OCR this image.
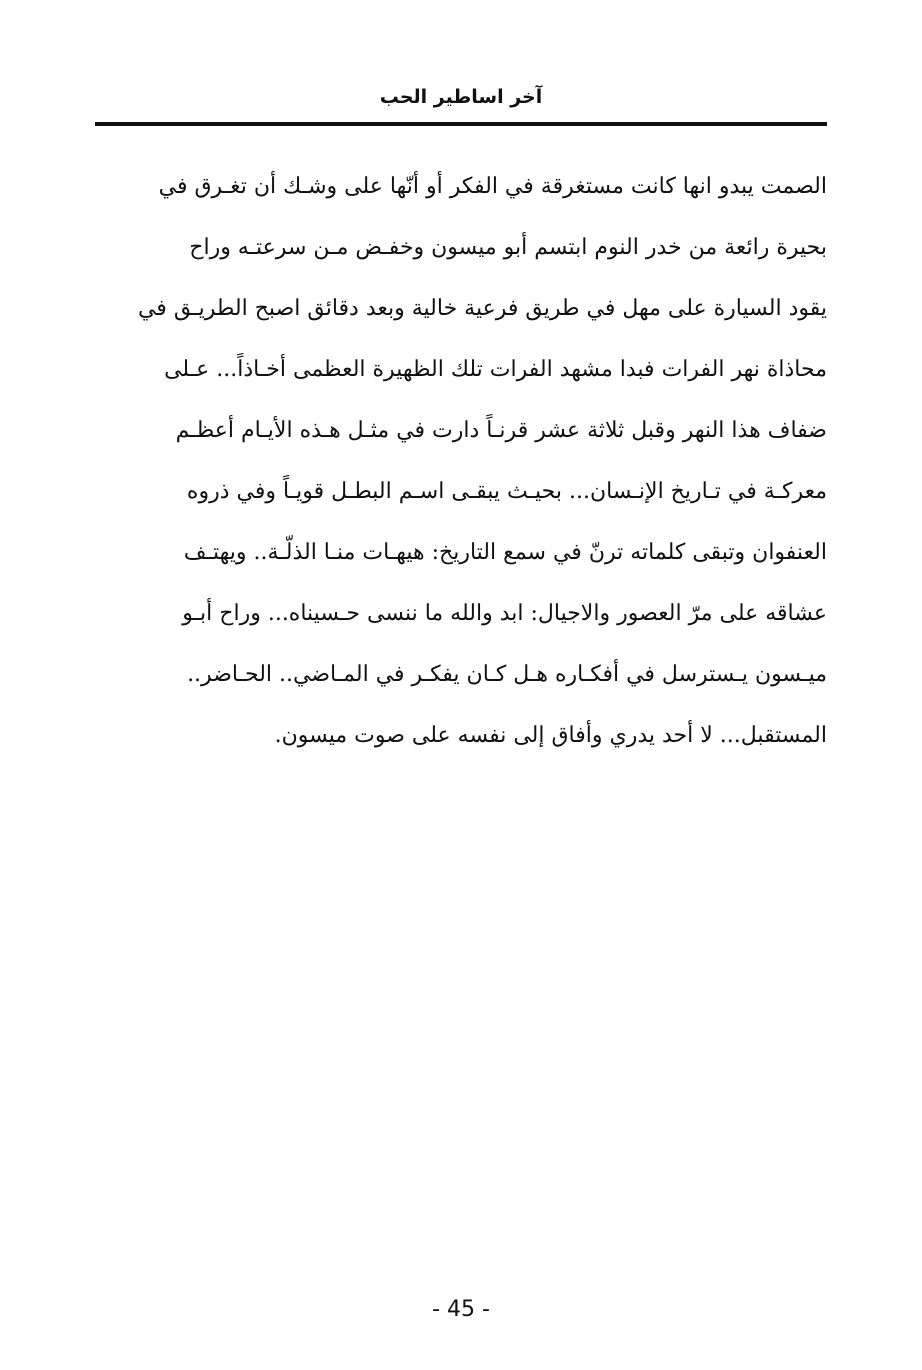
آخر اساطير الحب
الصمت يبدو انها كانت مستغرقة في الفكر أو أنّها على وشـك أن تغـرق في
بحيرة رائعة من خدر النوم ابتسم أبو ميسون وخفـض مـن سرعتـه وراح
يقود السيارة على مهل في طريق فرعية خالية وبعد دقائق اصبح الطريـق في
محاذاة نهر الفرات فبدا مشهد الفرات تلك الظهيرة العظمى أخـاذاً... عـلى
ضفاف هذا النهر وقبل ثلاثة عشر قرنـاً دارت في مثـل هـذه الأيـام أعظـم
معركـة في تـاريخ الإنـسان... بحيـث يبقـى اسـم البطـل قويـاً وفي ذروه
العنفوان وتبقى كلماته ترنّ في سمع التاريخ: هيهـات منـا الذلّـة.. ويهتـف
عشاقه على مرّ العصور والاجيال: ابد والله ما ننسى حـسيناه... وراح أبـو
ميـسون يـسترسل في أفكـاره هـل كـان يفكـر في المـاضي.. الحـاضر..
المستقبل... لا أحد يدري وأفاق إلى نفسه على صوت ميسون.
- 45 -
